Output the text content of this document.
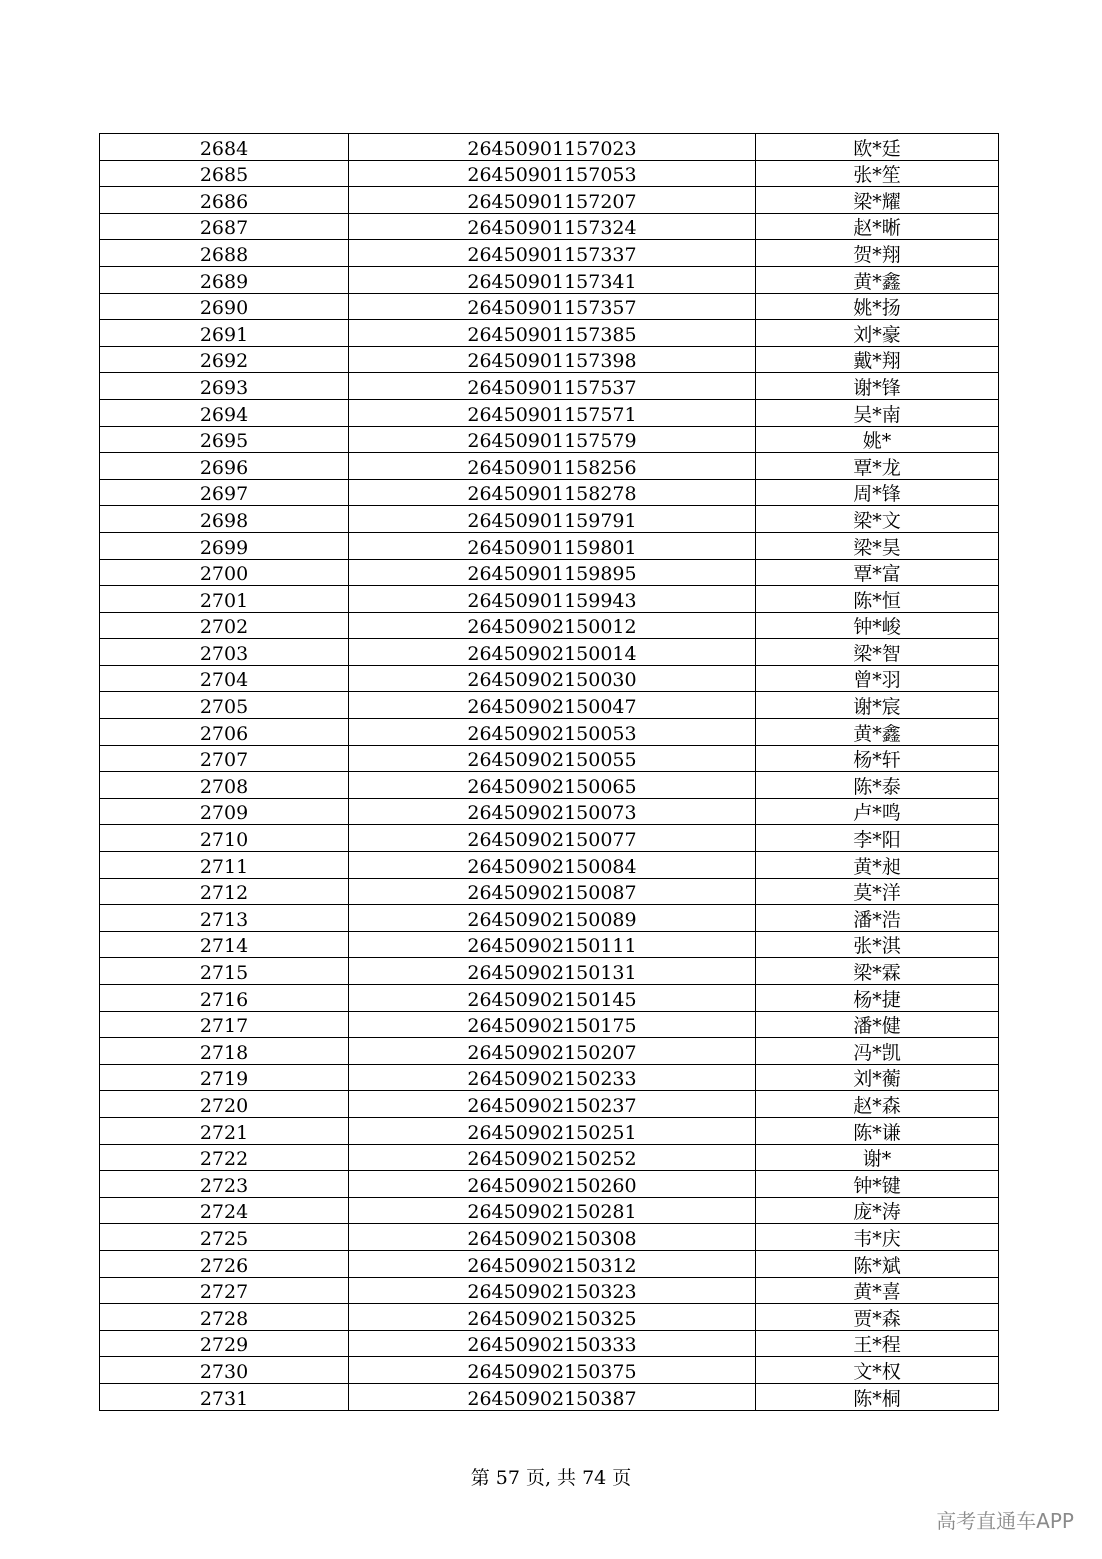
2684	26450901157023	欧*廷
2685	26450901157053	张*笙
2686	26450901157207	梁*耀
2687	26450901157324	赵*晰
2688	26450901157337	贺*翔
2689	26450901157341	黄*鑫
2690	26450901157357	姚*扬
2691	26450901157385	刘*豪
2692	26450901157398	戴*翔
2693	26450901157537	谢*锋
2694	26450901157571	吴*南
2695	26450901157579	姚*
2696	26450901158256	覃*龙
2697	26450901158278	周*锋
2698	26450901159791	梁*文
2699	26450901159801	梁*昊
2700	26450901159895	覃*富
2701	26450901159943	陈*恒
2702	26450902150012	钟*峻
2703	26450902150014	梁*智
2704	26450902150030	曾*羽
2705	26450902150047	谢*宸
2706	26450902150053	黄*鑫
2707	26450902150055	杨*轩
2708	26450902150065	陈*泰
2709	26450902150073	卢*鸣
2710	26450902150077	李*阳
2711	26450902150084	黄*昶
2712	26450902150087	莫*洋
2713	26450902150089	潘*浩
2714	26450902150111	张*淇
2715	26450902150131	梁*霖
2716	26450902150145	杨*捷
2717	26450902150175	潘*健
2718	26450902150207	冯*凯
2719	26450902150233	刘*蘅
2720	26450902150237	赵*森
2721	26450902150251	陈*谦
2722	26450902150252	谢*
2723	26450902150260	钟*键
2724	26450902150281	庞*涛
2725	26450902150308	韦*庆
2726	26450902150312	陈*斌
2727	26450902150323	黄*喜
2728	26450902150325	贾*森
2729	26450902150333	王*程
2730	26450902150375	文*权
2731	26450902150387	陈*桐
第 57 页, 共 74 页
高考直通车APP
